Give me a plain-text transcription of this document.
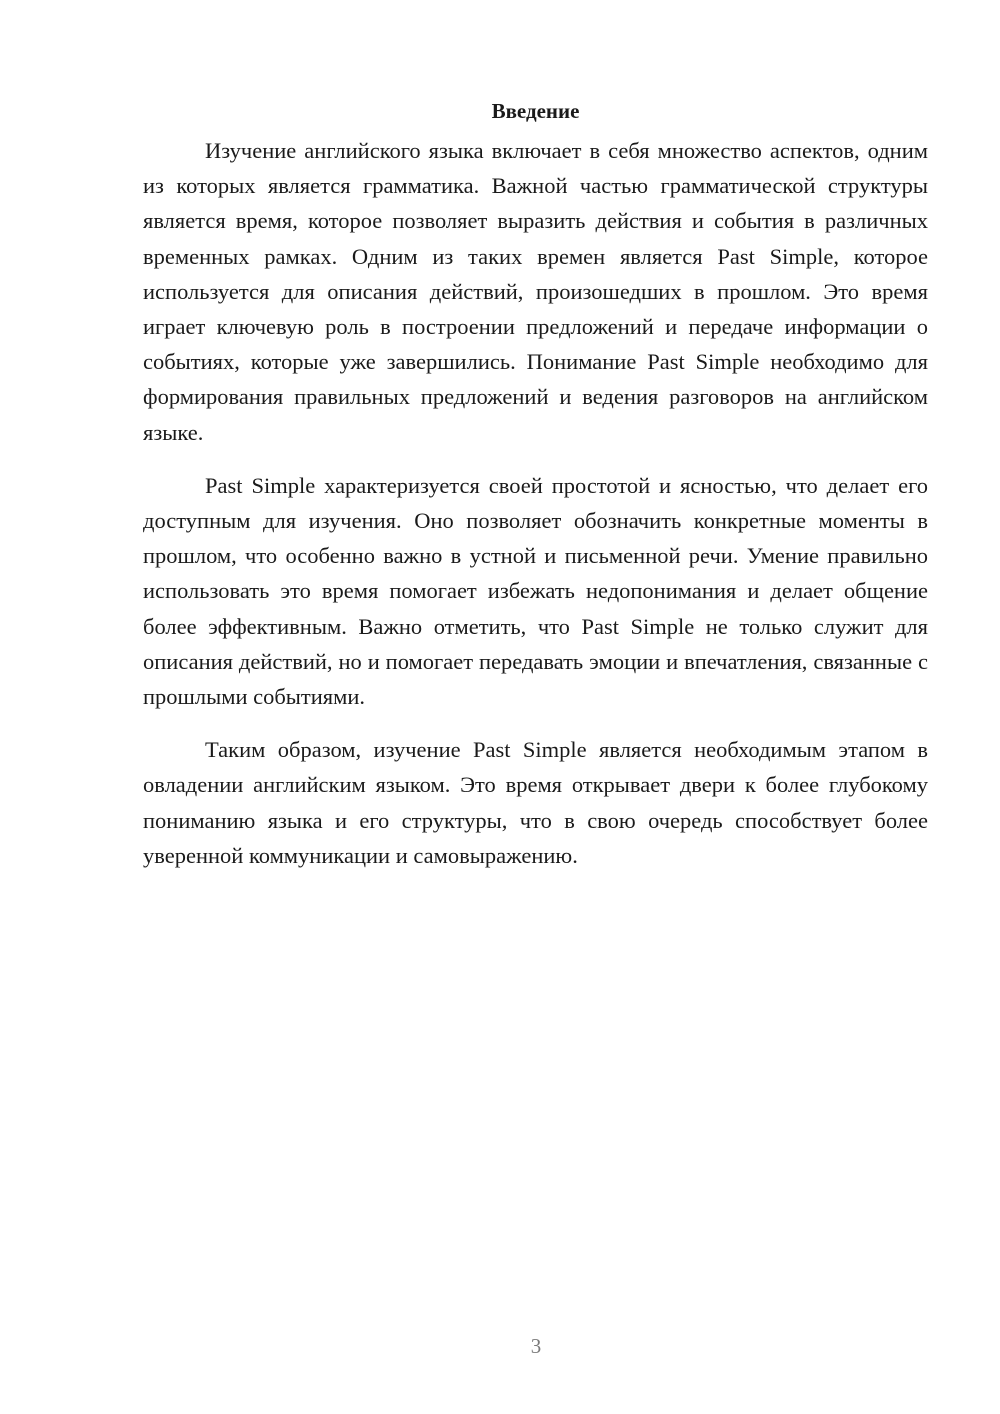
Введение

Изучение английского языка включает в себя множество аспектов, одним из которых является грамматика. Важной частью грамматической структуры является время, которое позволяет выразить действия и события в различных временных рамках. Одним из таких времен является Past Simple, которое используется для описания действий, произошедших в прошлом. Это время играет ключевую роль в построении предложений и передаче информации о событиях, которые уже завершились. Понимание Past Simple необходимо для формирования правильных предложений и ведения разговоров на английском языке.

Past Simple характеризуется своей простотой и ясностью, что делает его доступным для изучения. Оно позволяет обозначить конкретные моменты в прошлом, что особенно важно в устной и письменной речи. Умение правильно использовать это время помогает избежать недопонимания и делает общение более эффективным. Важно отметить, что Past Simple не только служит для описания действий, но и помогает передавать эмоции и впечатления, связанные с прошлыми событиями.

Таким образом, изучение Past Simple является необходимым этапом в овладении английским языком. Это время открывает двери к более глубокому пониманию языка и его структуры, что в свою очередь способствует более уверенной коммуникации и самовыражению.

3
